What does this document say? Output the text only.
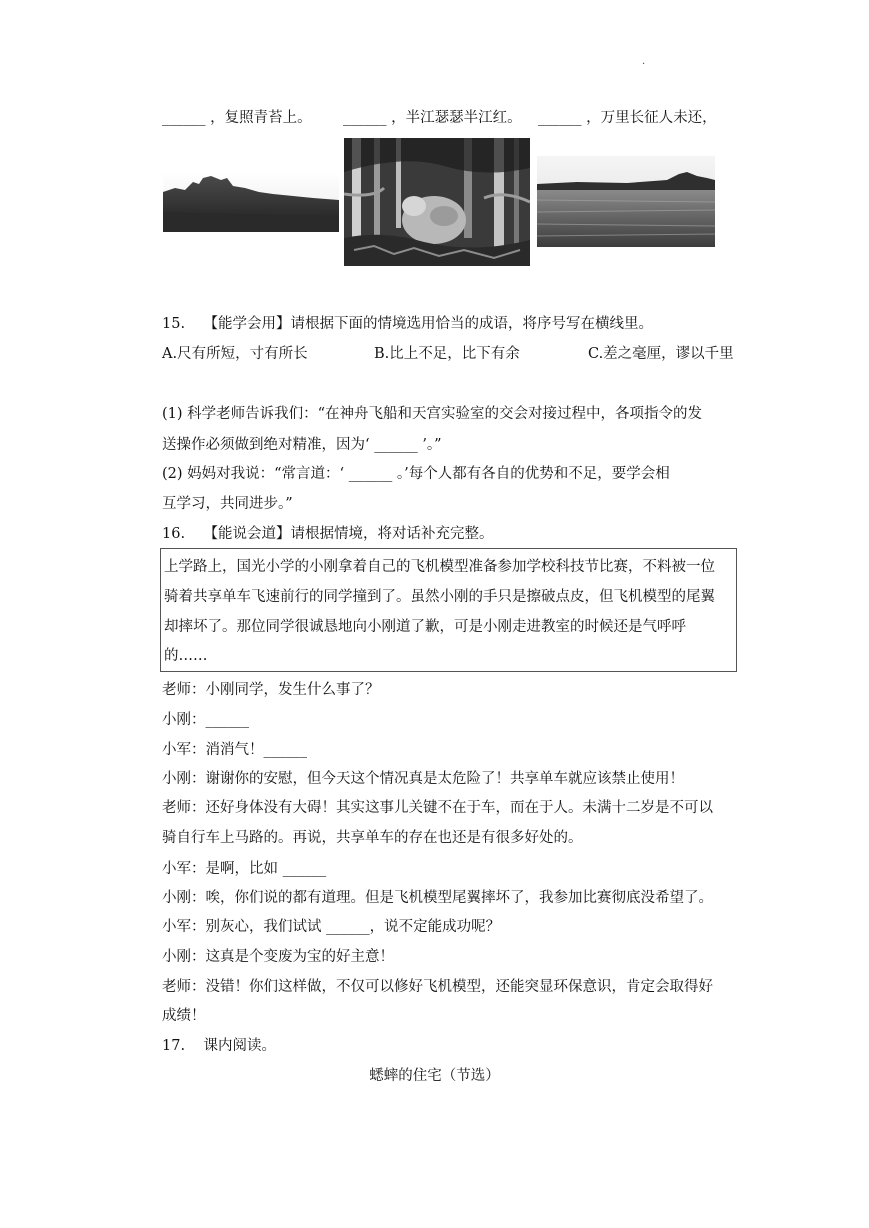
.
______ ，复照青苔上。 ______ ，半江瑟瑟半江红。 ______ ，万里长征人未还，
15. 【能学会用】请根据下面的情境选用恰当的成语，将序号写在横线里。
A.尺有所短，寸有所长	B.比上不足，比下有余	C.差之毫厘，谬以千里
(1) 科学老师告诉我们：“在神舟飞船和天宫实验室的交会对接过程中，各项指令的发
送操作必须做到绝对精准，因为‘ ______ ’。”
(2) 妈妈对我说：“常言道：‘ ______ 。’每个人都有各自的优势和不足，要学会相
互学习，共同进步。”
16. 【能说会道】请根据情境，将对话补充完整。

上学路上，国光小学的小刚拿着自己的飞机模型准备参加学校科技节比赛，不料被一位

骑着共享单车飞速前行的同学撞到了。虽然小刚的手只是擦破点皮，但飞机模型的尾翼

却摔坏了。那位同学很诚恳地向小刚道了歉，可是小刚走进教室的时候还是气呼呼

的……

老师：小刚同学，发生什么事了？
小刚：______
小军：消消气！______
小刚：谢谢你的安慰，但今天这个情况真是太危险了！共享单车就应该禁止使用！
老师：还好身体没有大碍！其实这事儿关键不在于车，而在于人。未满十二岁是不可以
骑自行车上马路的。再说，共享单车的存在也还是有很多好处的。
小军：是啊，比如 ______
小刚：唉，你们说的都有道理。但是飞机模型尾翼摔坏了，我参加比赛彻底没希望了。
小军：别灰心，我们试试 ______，说不定能成功呢？
小刚：这真是个变废为宝的好主意！
老师：没错！你们这样做，不仅可以修好飞机模型，还能突显环保意识，肯定会取得好
成绩！
17. 课内阅读。
蟋蟀的住宅（节选）
